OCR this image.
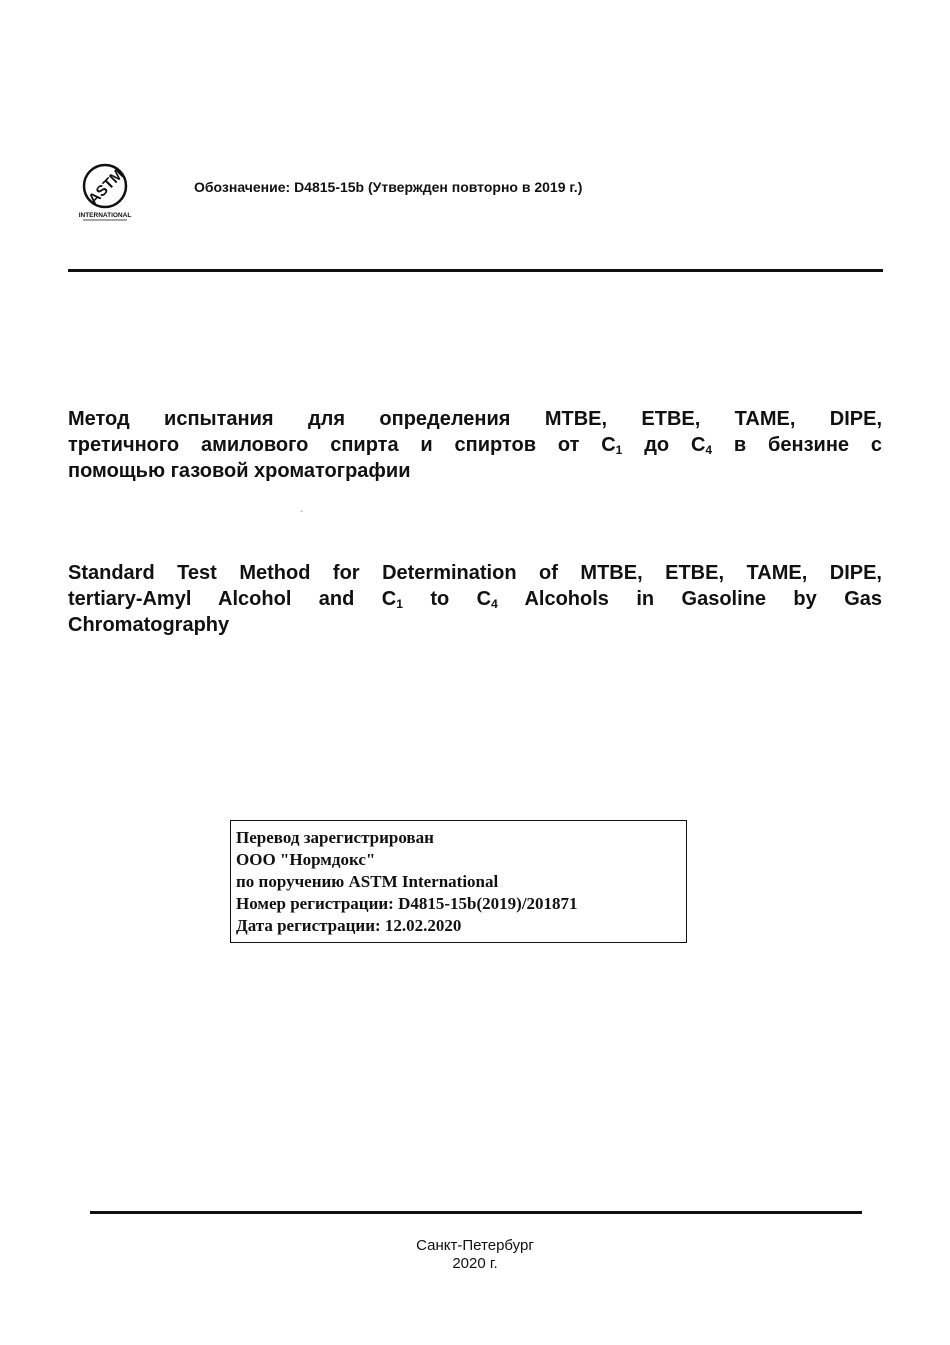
ASTM
INTERNATIONAL
Обозначение: D4815-15b (Утвержден повторно в 2019 г.)

Метод испытания для определения MTBE, ETBE, TAME, DIPE,

третичного амилового спирта и спиртов от $C_1$ до $C_4$ в бензине с

помощью газовой хроматографии

-

Standard Test Method for Determination of MTBE, ETBE, TAME, DIPE,

tertiary-Amyl Alcohol and $C_1$ to $C_4$ Alcohols in Gasoline by Gas

Chromatography

Перевод зарегистрирован
ООО "Нормдокс"
по поручению ASTM International
Номер регистрации: D4815-15b(2019)/201871
Дата регистрации: 12.02.2020
Санкт-Петербург
2020 г.
